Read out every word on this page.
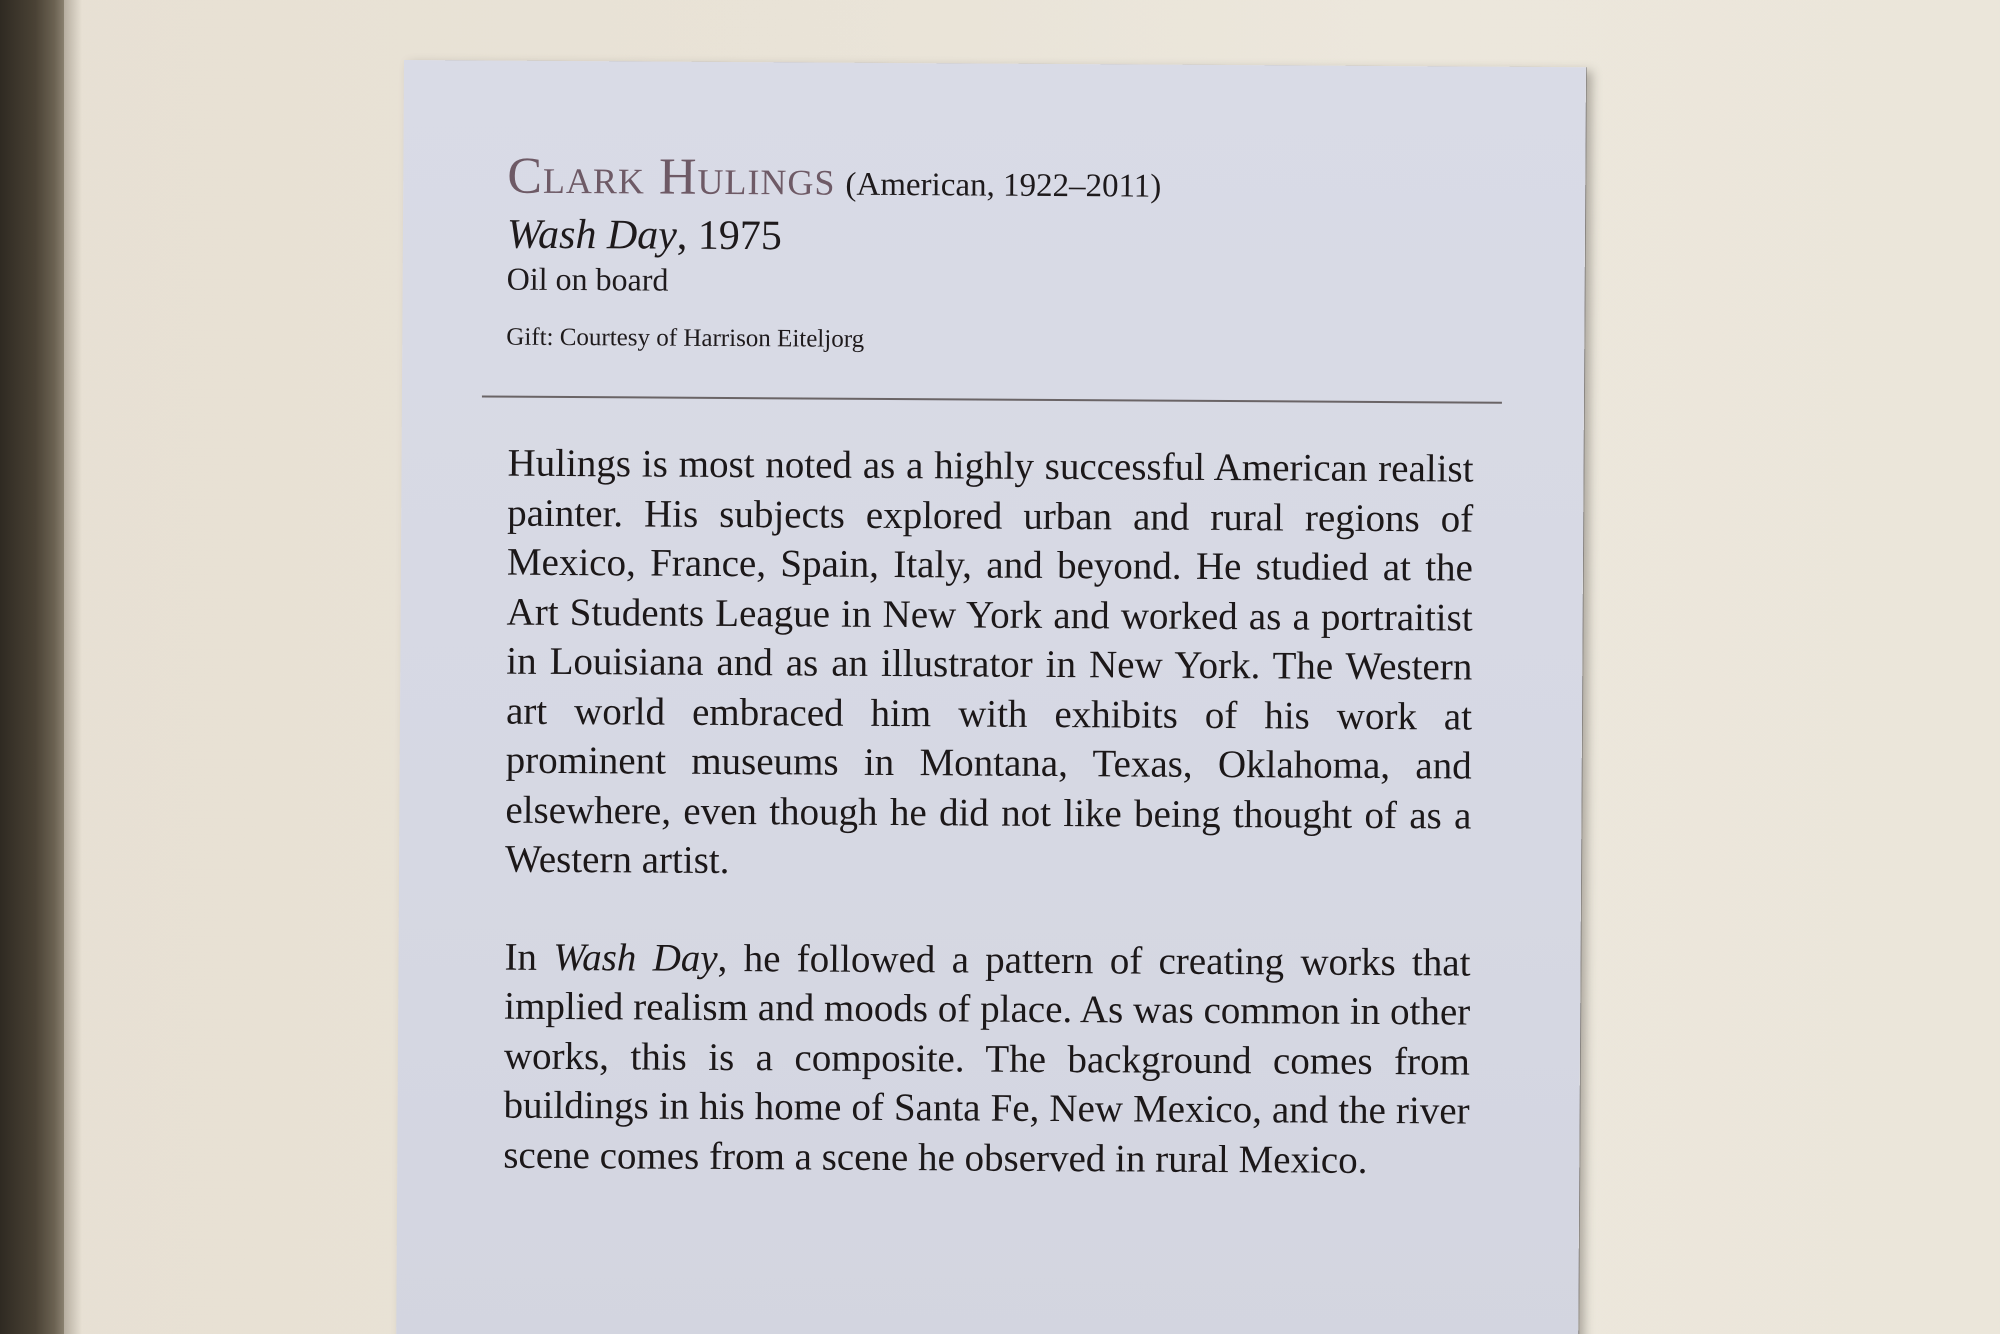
Clark Hulings (American, 1922–2011)

Wash Day, 1975

Oil on board

Gift: Courtesy of Harrison Eiteljorg

Hulings is most noted as a highly successful American realist painter. His subjects explored urban and rural regions of Mexico, France, Spain, Italy, and beyond. He studied at the Art Students League in New York and worked as a portraitist in Louisiana and as an illustrator in New York. The Western art world embraced him with exhibits of his work at prominent museums in Montana, Texas, Oklahoma, and elsewhere, even though he did not like being thought of as a Western artist.

In Wash Day, he followed a pattern of creating works that implied realism and moods of place. As was common in other works, this is a composite. The background comes from buildings in his home of Santa Fe, New Mexico, and the river scene comes from a scene he observed in rural Mexico.
